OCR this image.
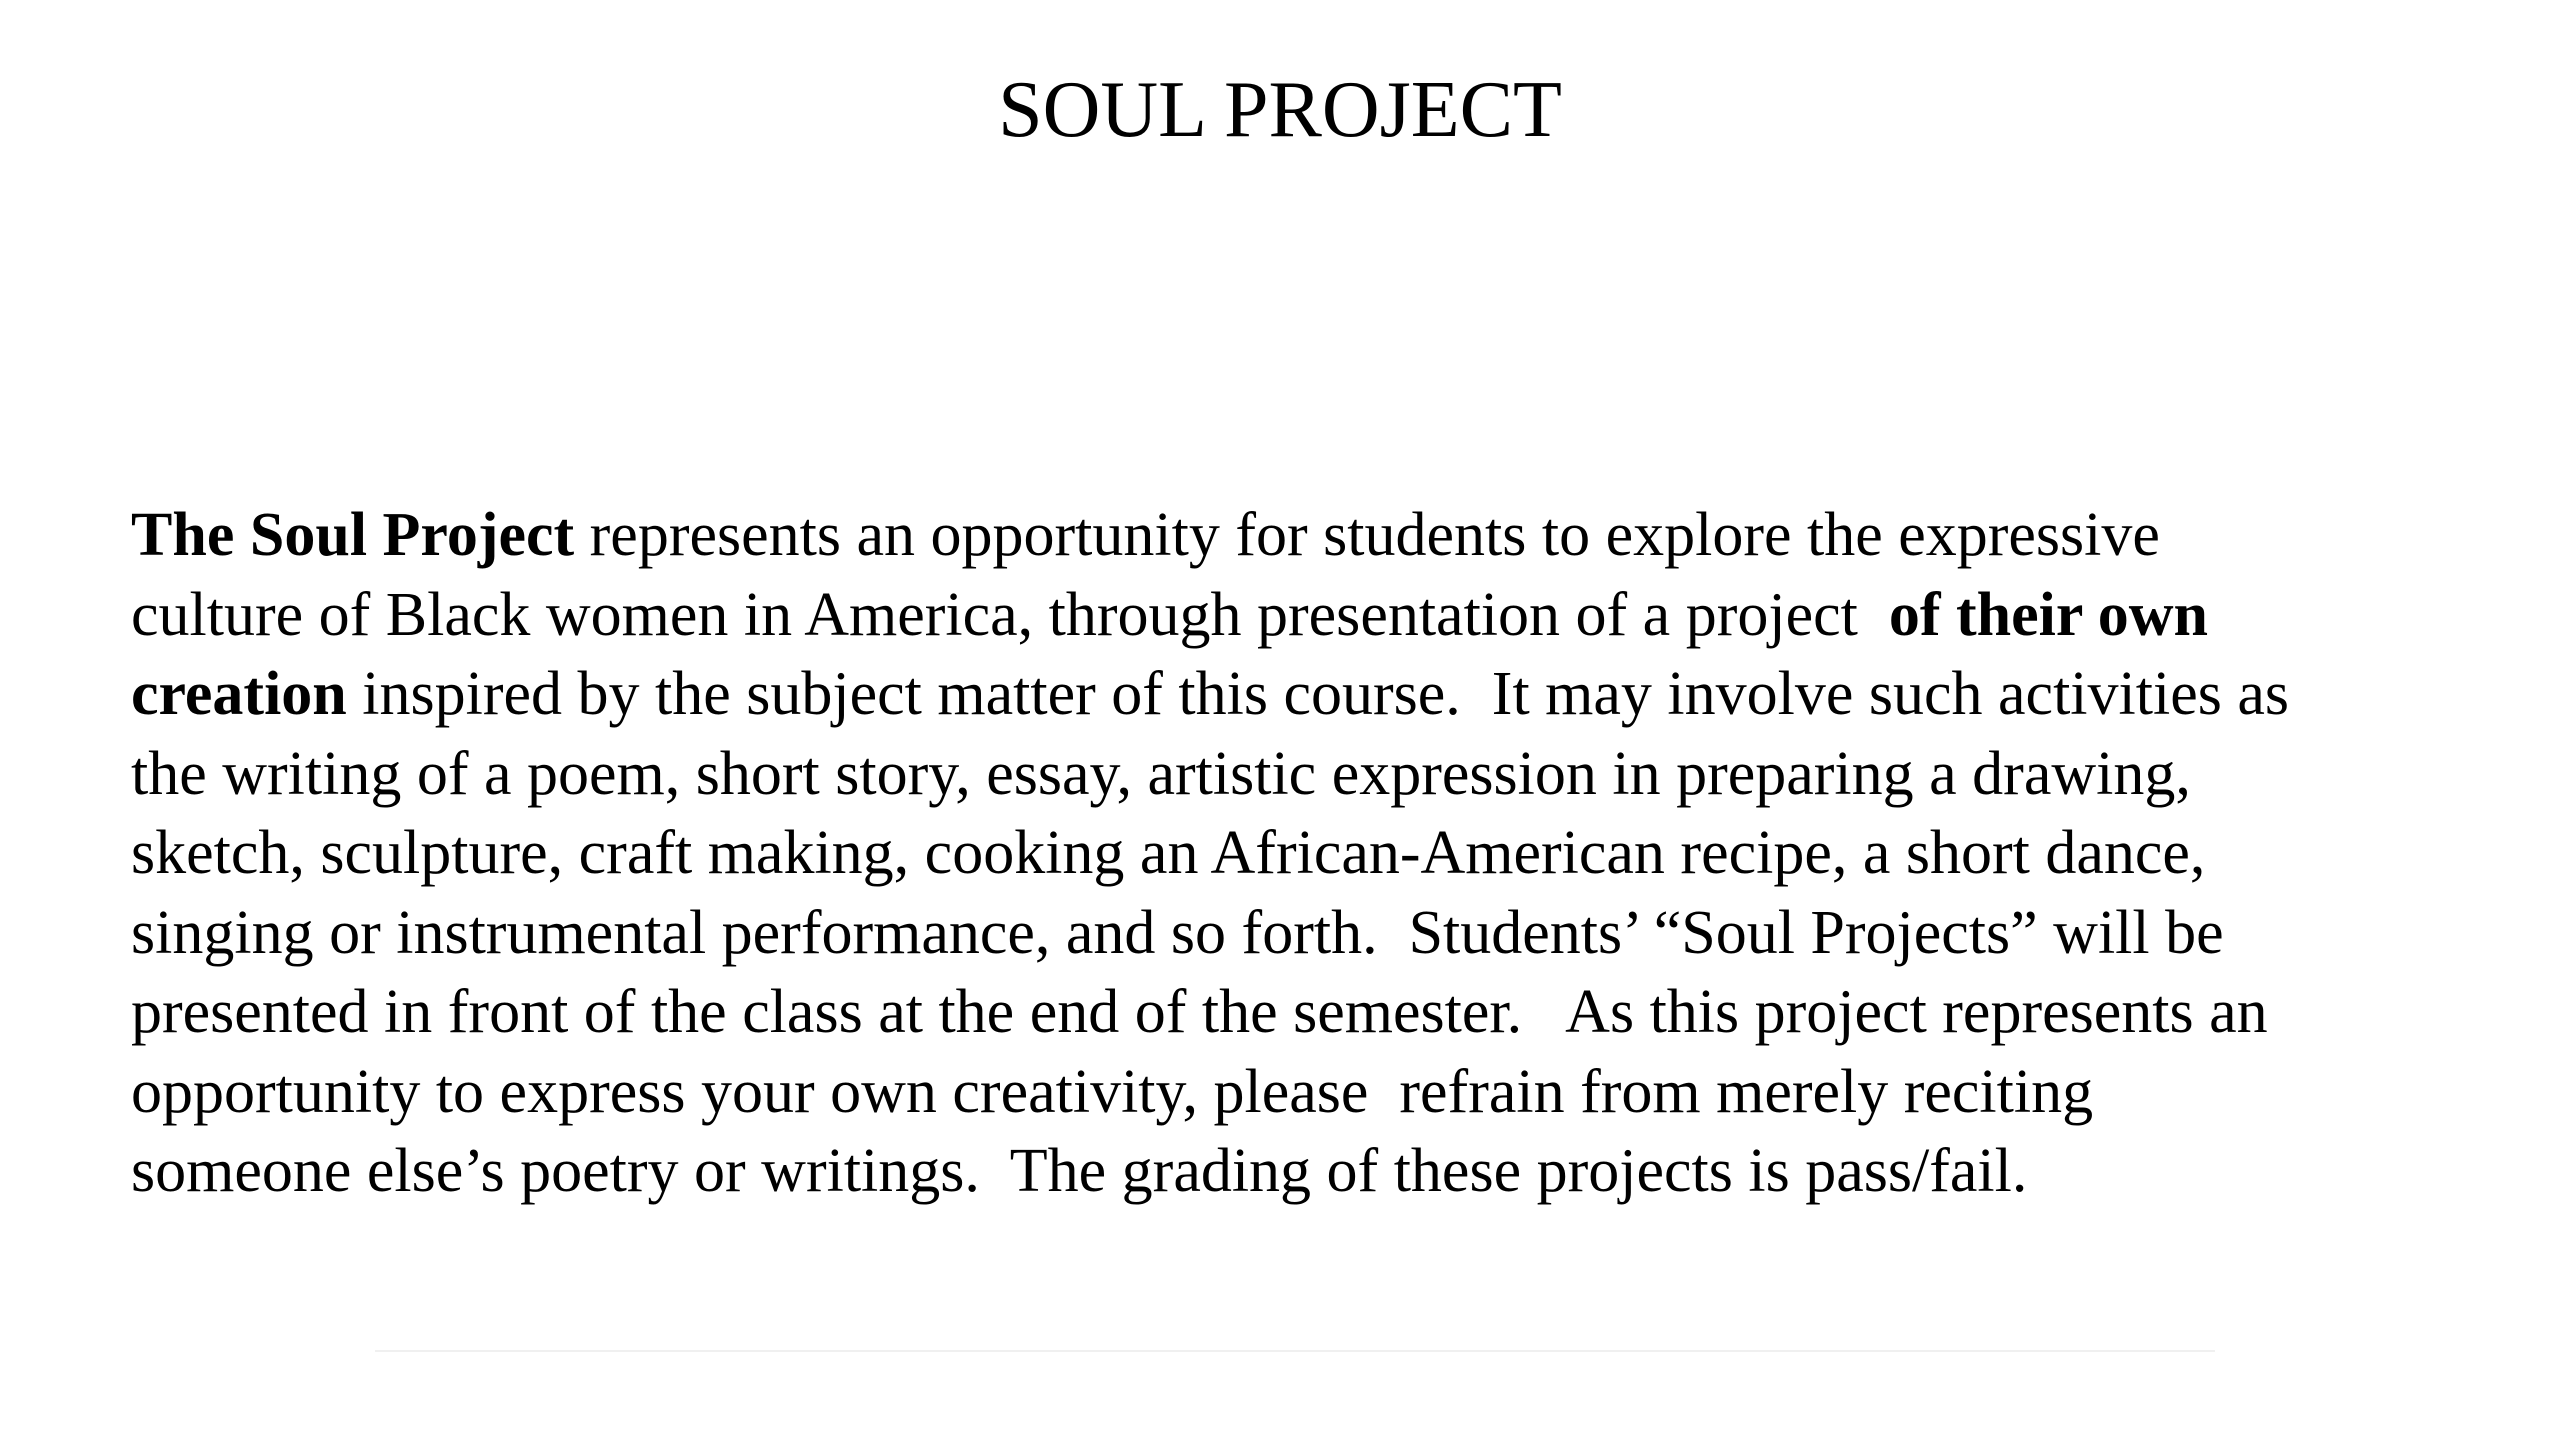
SOUL PROJECT

The Soul Project represents an opportunity for students to explore the expressive
culture of Black women in America, through presentation of a project  of their own
creation inspired by the subject matter of this course.  It may involve such activities as
the writing of a poem, short story, essay, artistic expression in preparing a drawing,
sketch, sculpture, craft making, cooking an African-American recipe, a short dance,
singing or instrumental performance, and so forth.  Students’ “Soul Projects” will be
presented in front of the class at the end of the semester.   As this project represents an
opportunity to express your own creativity, please  refrain from merely reciting
someone else’s poetry or writings.  The grading of these projects is pass/fail.
